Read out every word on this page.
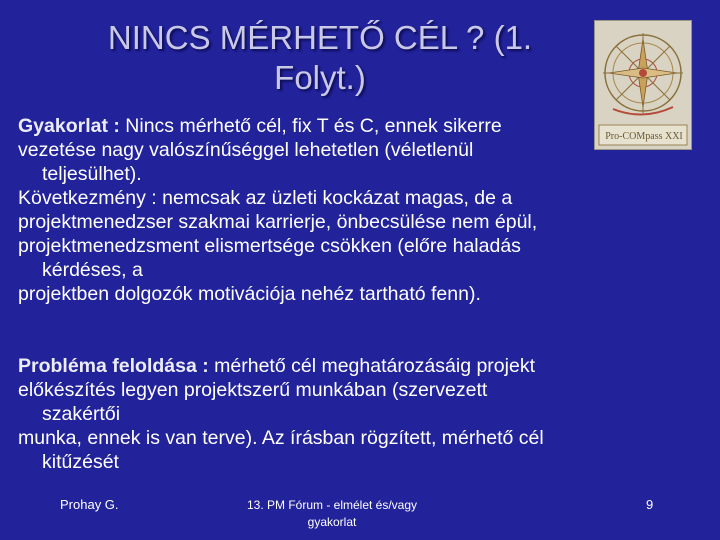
NINCS MÉRHETŐ CÉL ? (1.
Folyt.)
Pro-COMpass XXI
Gyakorlat : Nincs mérhető cél, fix T és C, ennek sikerre
vezetése nagy valószínűséggel lehetetlen (véletlenül
teljesülhet).
Következmény : nemcsak az üzleti kockázat magas, de a
projektmenedzser szakmai karrierje, önbecsülése nem épül,
projektmenedzsment elismertsége csökken (előre haladás
kérdéses, a
projektben dolgozók motivációja nehéz tartható fenn).
Probléma feloldása : mérhető cél meghatározásáig projekt
előkészítés legyen projektszerű munkában (szervezett
szakértői
munka, ennek is van terve). Az írásban rögzített, mérhető cél
kitűzését
Prohay G.	13. PM Fórum - elmélet és/vagy
gyakorlat
9
